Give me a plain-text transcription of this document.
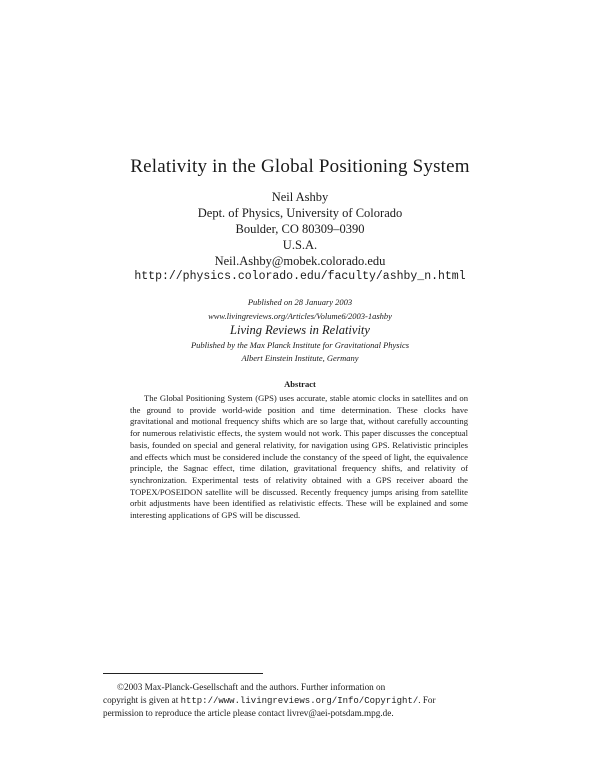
Relativity in the Global Positioning System
Neil Ashby
Dept. of Physics, University of Colorado
Boulder, CO 80309–0390
U.S.A.
Neil.Ashby@mobek.colorado.edu
http://physics.colorado.edu/faculty/ashby_n.html
Published on 28 January 2003
www.livingreviews.org/Articles/Volume6/2003-1ashby
Living Reviews in Relativity
Published by the Max Planck Institute for Gravitational Physics
Albert Einstein Institute, Germany
Abstract
The Global Positioning System (GPS) uses accurate, stable atomic clocks in satellites and on the ground to provide world-wide position and time determination. These clocks have gravitational and motional frequency shifts which are so large that, without carefully accounting for numerous relativistic effects, the system would not work. This paper discusses the conceptual basis, founded on special and general relativity, for navigation using GPS. Relativistic principles and effects which must be considered include the constancy of the speed of light, the equivalence principle, the Sagnac effect, time dilation, gravitational frequency shifts, and relativity of synchronization. Experimental tests of relativity obtained with a GPS receiver aboard the TOPEX/POSEIDON satellite will be discussed. Recently frequency jumps arising from satellite orbit adjustments have been identified as relativistic effects. These will be explained and some interesting applications of GPS will be discussed.
©2003 Max-Planck-Gesellschaft and the authors. Further information on
copyright is given at http://www.livingreviews.org/Info/Copyright/. For
permission to reproduce the article please contact livrev@aei-potsdam.mpg.de.
